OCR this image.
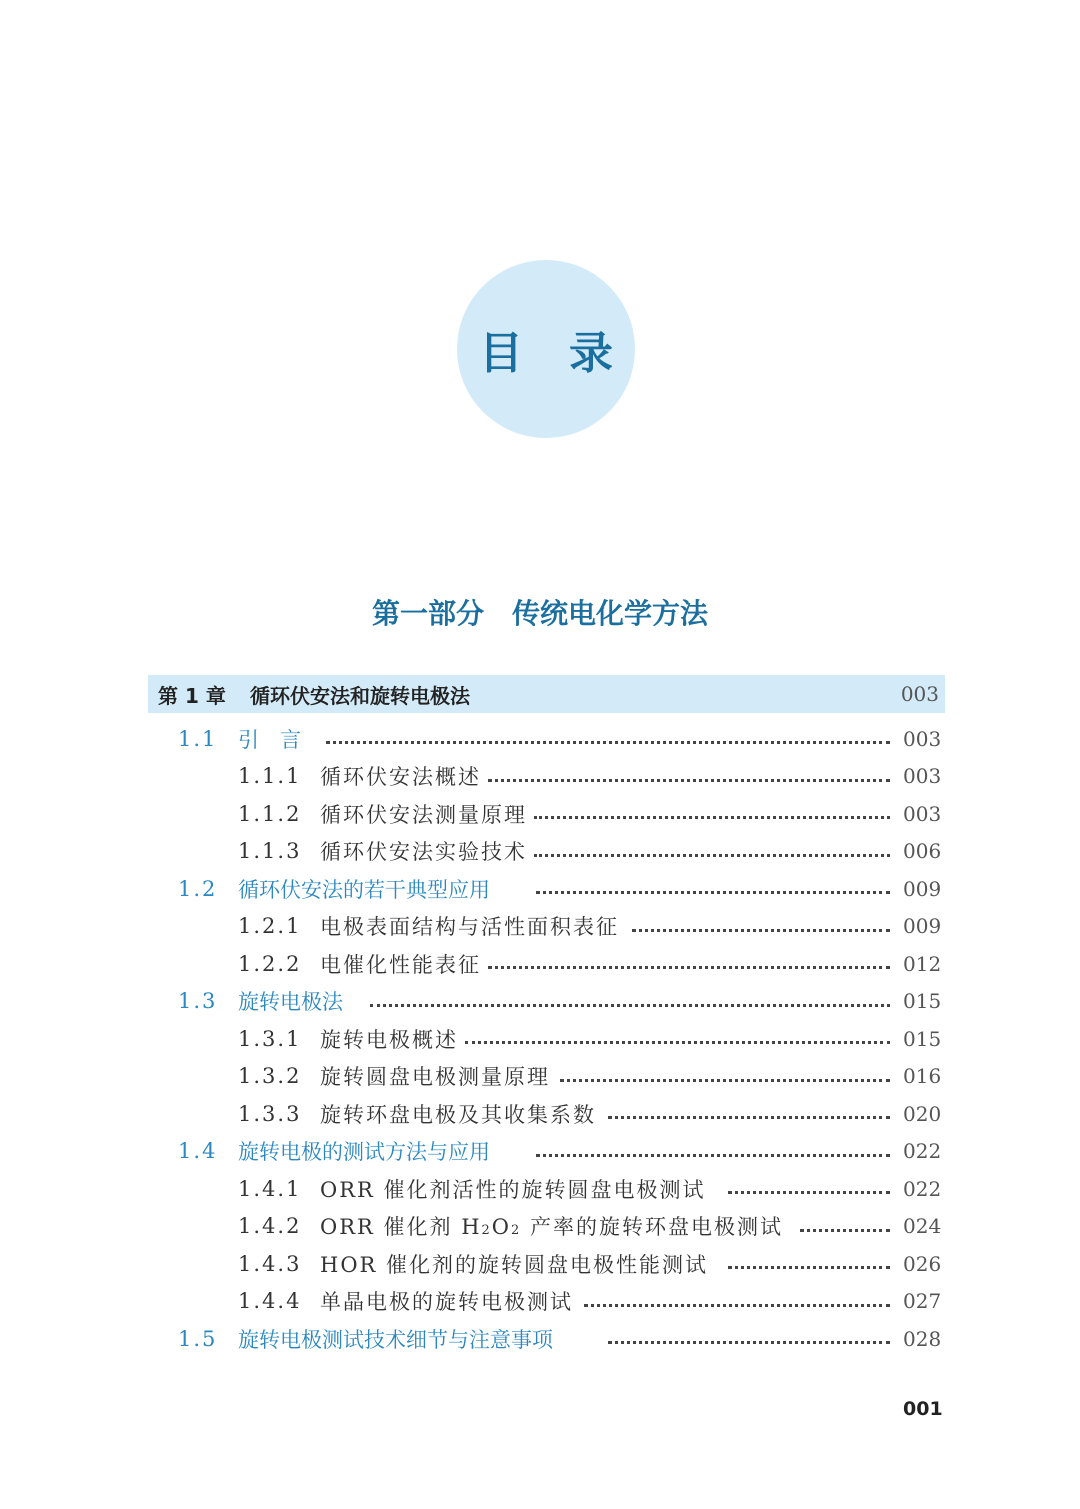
目录
第一部分　传统电化学方法
第 1 章 循环伏安法和旋转电极法	003
1.1 引　言	003
1.1.1 循环伏安法概述	003
1.1.2 循环伏安法测量原理	003
1.1.3 循环伏安法实验技术	006
1.2 循环伏安法的若干典型应用	009
1.2.1 电极表面结构与活性面积表征	009
1.2.2 电催化性能表征	012
1.3 旋转电极法	015
1.3.1 旋转电极概述	015
1.3.2 旋转圆盘电极测量原理	016
1.3.3 旋转环盘电极及其收集系数	020
1.4 旋转电极的测试方法与应用	022
1.4.1 ORR 催化剂活性的旋转圆盘电极测试	022
1.4.2 ORR 催化剂 H 2 O 2 产率的旋转环盘电极测试	024
1.4.3 HOR 催化剂的旋转圆盘电极性能测试	026
1.4.4 单晶电极的旋转电极测试	027
1.5 旋转电极测试技术细节与注意事项	028
001
